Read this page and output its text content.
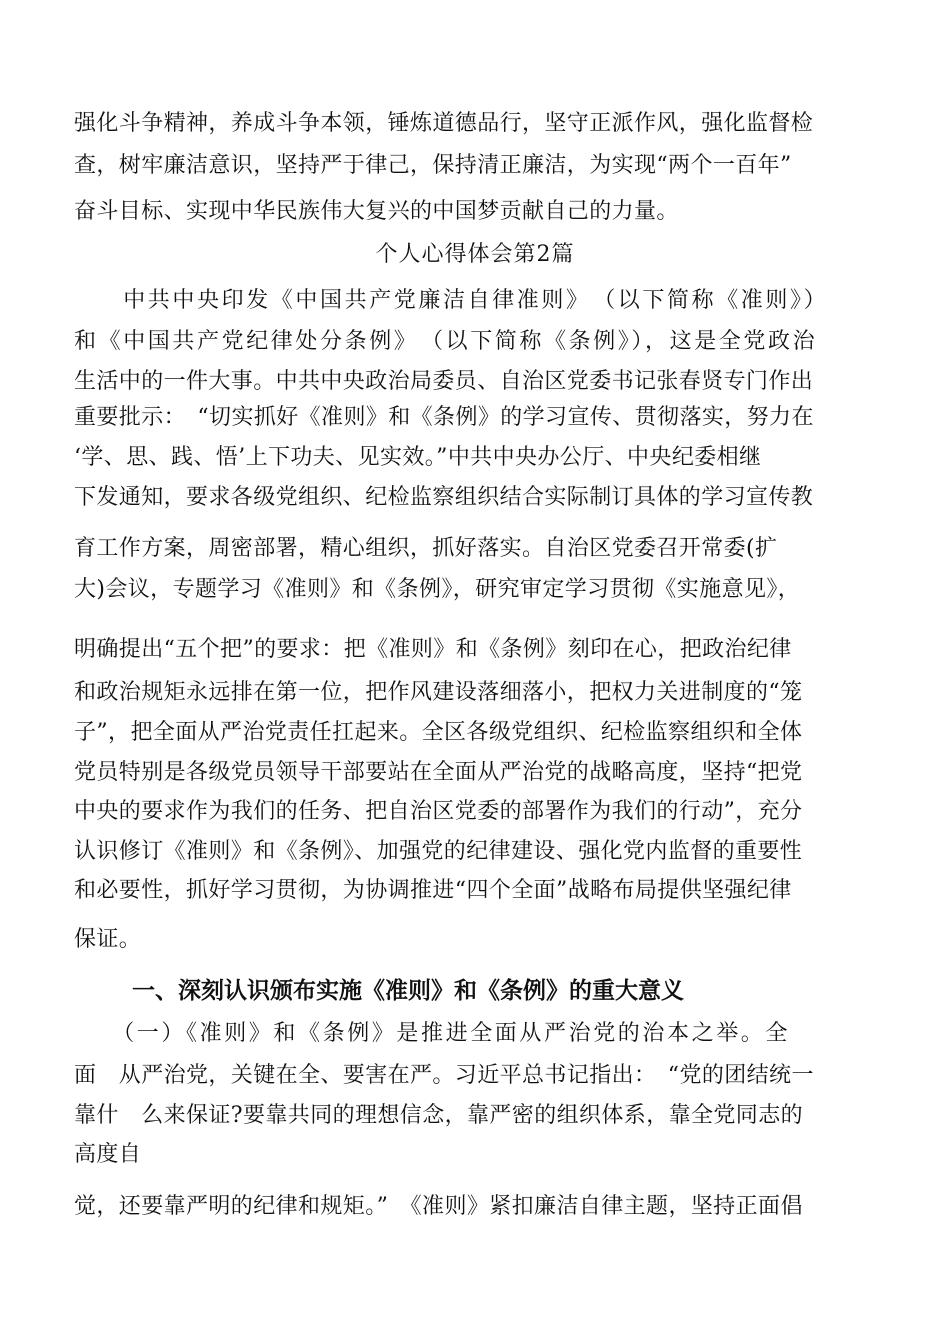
强化斗争精神，养成斗争本领，锤炼道德品行，坚守正派作风，强化监督检
查，树牢廉洁意识，坚持严于律己，保持清正廉洁，为实现“两个一百年”
奋斗目标、实现中华民族伟大复兴的中国梦贡献自己的力量。
个人心得体会第2篇
　　中共中央印发《中国共产党廉洁自律准则》　（以下简称《准则》）
和《中国共产党纪律处分条例》　（以下简称《条例》），这是全党政治
生活中的一件大事。中共中央政治局委员、自治区党委书记张春贤专门作出
重要批示：　“切实抓好《准则》和《条例》的学习宣传、贯彻落实，努力在
‘学、思、践、悟’上下功夫、见实效。”中共中央办公厅、中央纪委相继
下发通知，要求各级党组织、纪检监察组织结合实际制订具体的学习宣传教
育工作方案，周密部署，精心组织，抓好落实。自治区党委召开常委(扩
大)会议，专题学习《准则》和《条例》，研究审定学习贯彻《实施意见》，
明确提出“五个把”的要求：把《准则》和《条例》刻印在心，把政治纪律
和政治规矩永远排在第一位，把作风建设落细落小，把权力关进制度的“笼
子”，把全面从严治党责任扛起来。全区各级党组织、纪检监察组织和全体
党员特别是各级党员领导干部要站在全面从严治党的战略高度，坚持“把党
中央的要求作为我们的任务、把自治区党委的部署作为我们的行动”，充分
认识修订《准则》和《条例》、加强党的纪律建设、强化党内监督的重要性
和必要性，抓好学习贯彻，为协调推进“四个全面”战略布局提供坚强纪律
保证。
一、深刻认识颁布实施《准则》和《条例》的重大意义
　　（一）《准则》和《条例》是推进全面从严治党的治本之举。全
面　从严治党，关键在全、要害在严。习近平总书记指出：　“党的团结统一
靠什　么来保证?要靠共同的理想信念，靠严密的组织体系，靠全党同志的
高度自
觉，还要靠严明的纪律和规矩。”　《准则》紧扣廉洁自律主题，坚持正面倡
